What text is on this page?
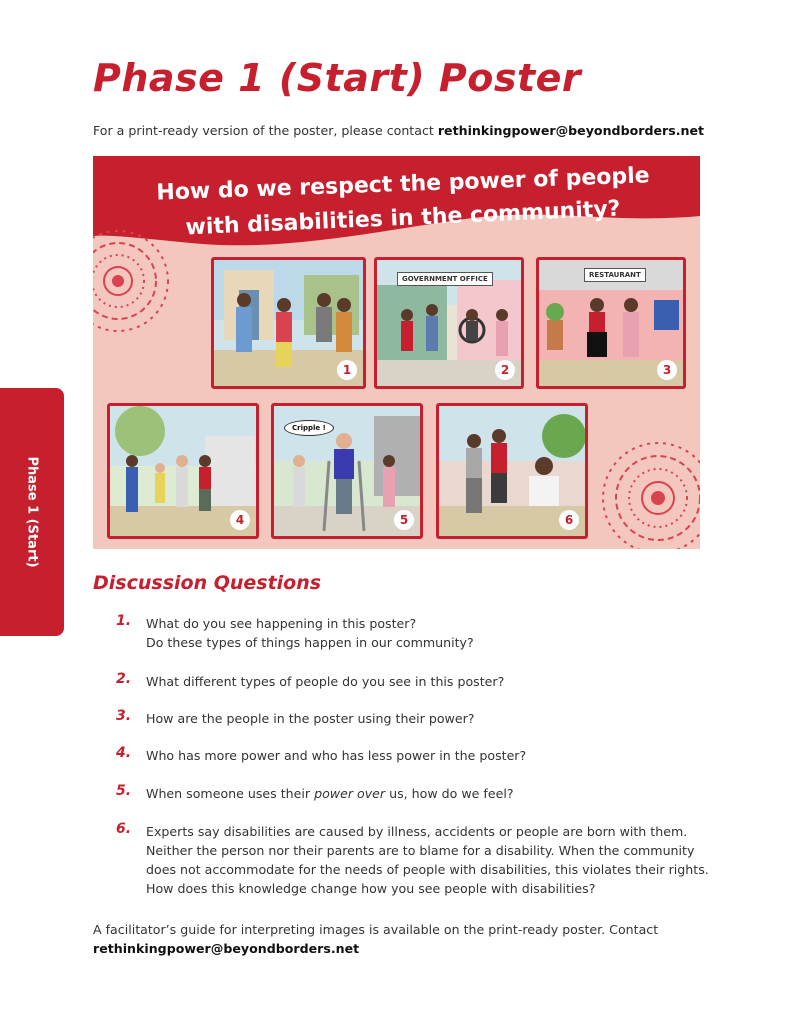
Phase 1 (Start)
Phase 1 (Start) Poster

For a print-ready version of the poster, please contact rethinkingpower@beyondborders.net

How do we respect the power of people
with disabilities in the community?
1
GOVERNMENT OFFICE
2
RESTAURANT
3
4
Cripple !
5	6
Discussion Questions
1. What do you see happening in this poster?
Do these types of things happen in our community?
2. What different types of people do you see in this poster?
3. How are the people in the poster using their power?
4. Who has more power and who has less power in the poster?
5. When someone uses their power over us, how do we feel?
6. Experts say disabilities are caused by illness, accidents or people are born with them. Neither the person nor their parents are to blame for a disability. When the community does not accommodate for the needs of people with disabilities, this violates their rights. How does this knowledge change how you see people with disabilities?

A facilitator’s guide for interpreting images is available on the print-ready poster. Contact
rethinkingpower@beyondborders.net
